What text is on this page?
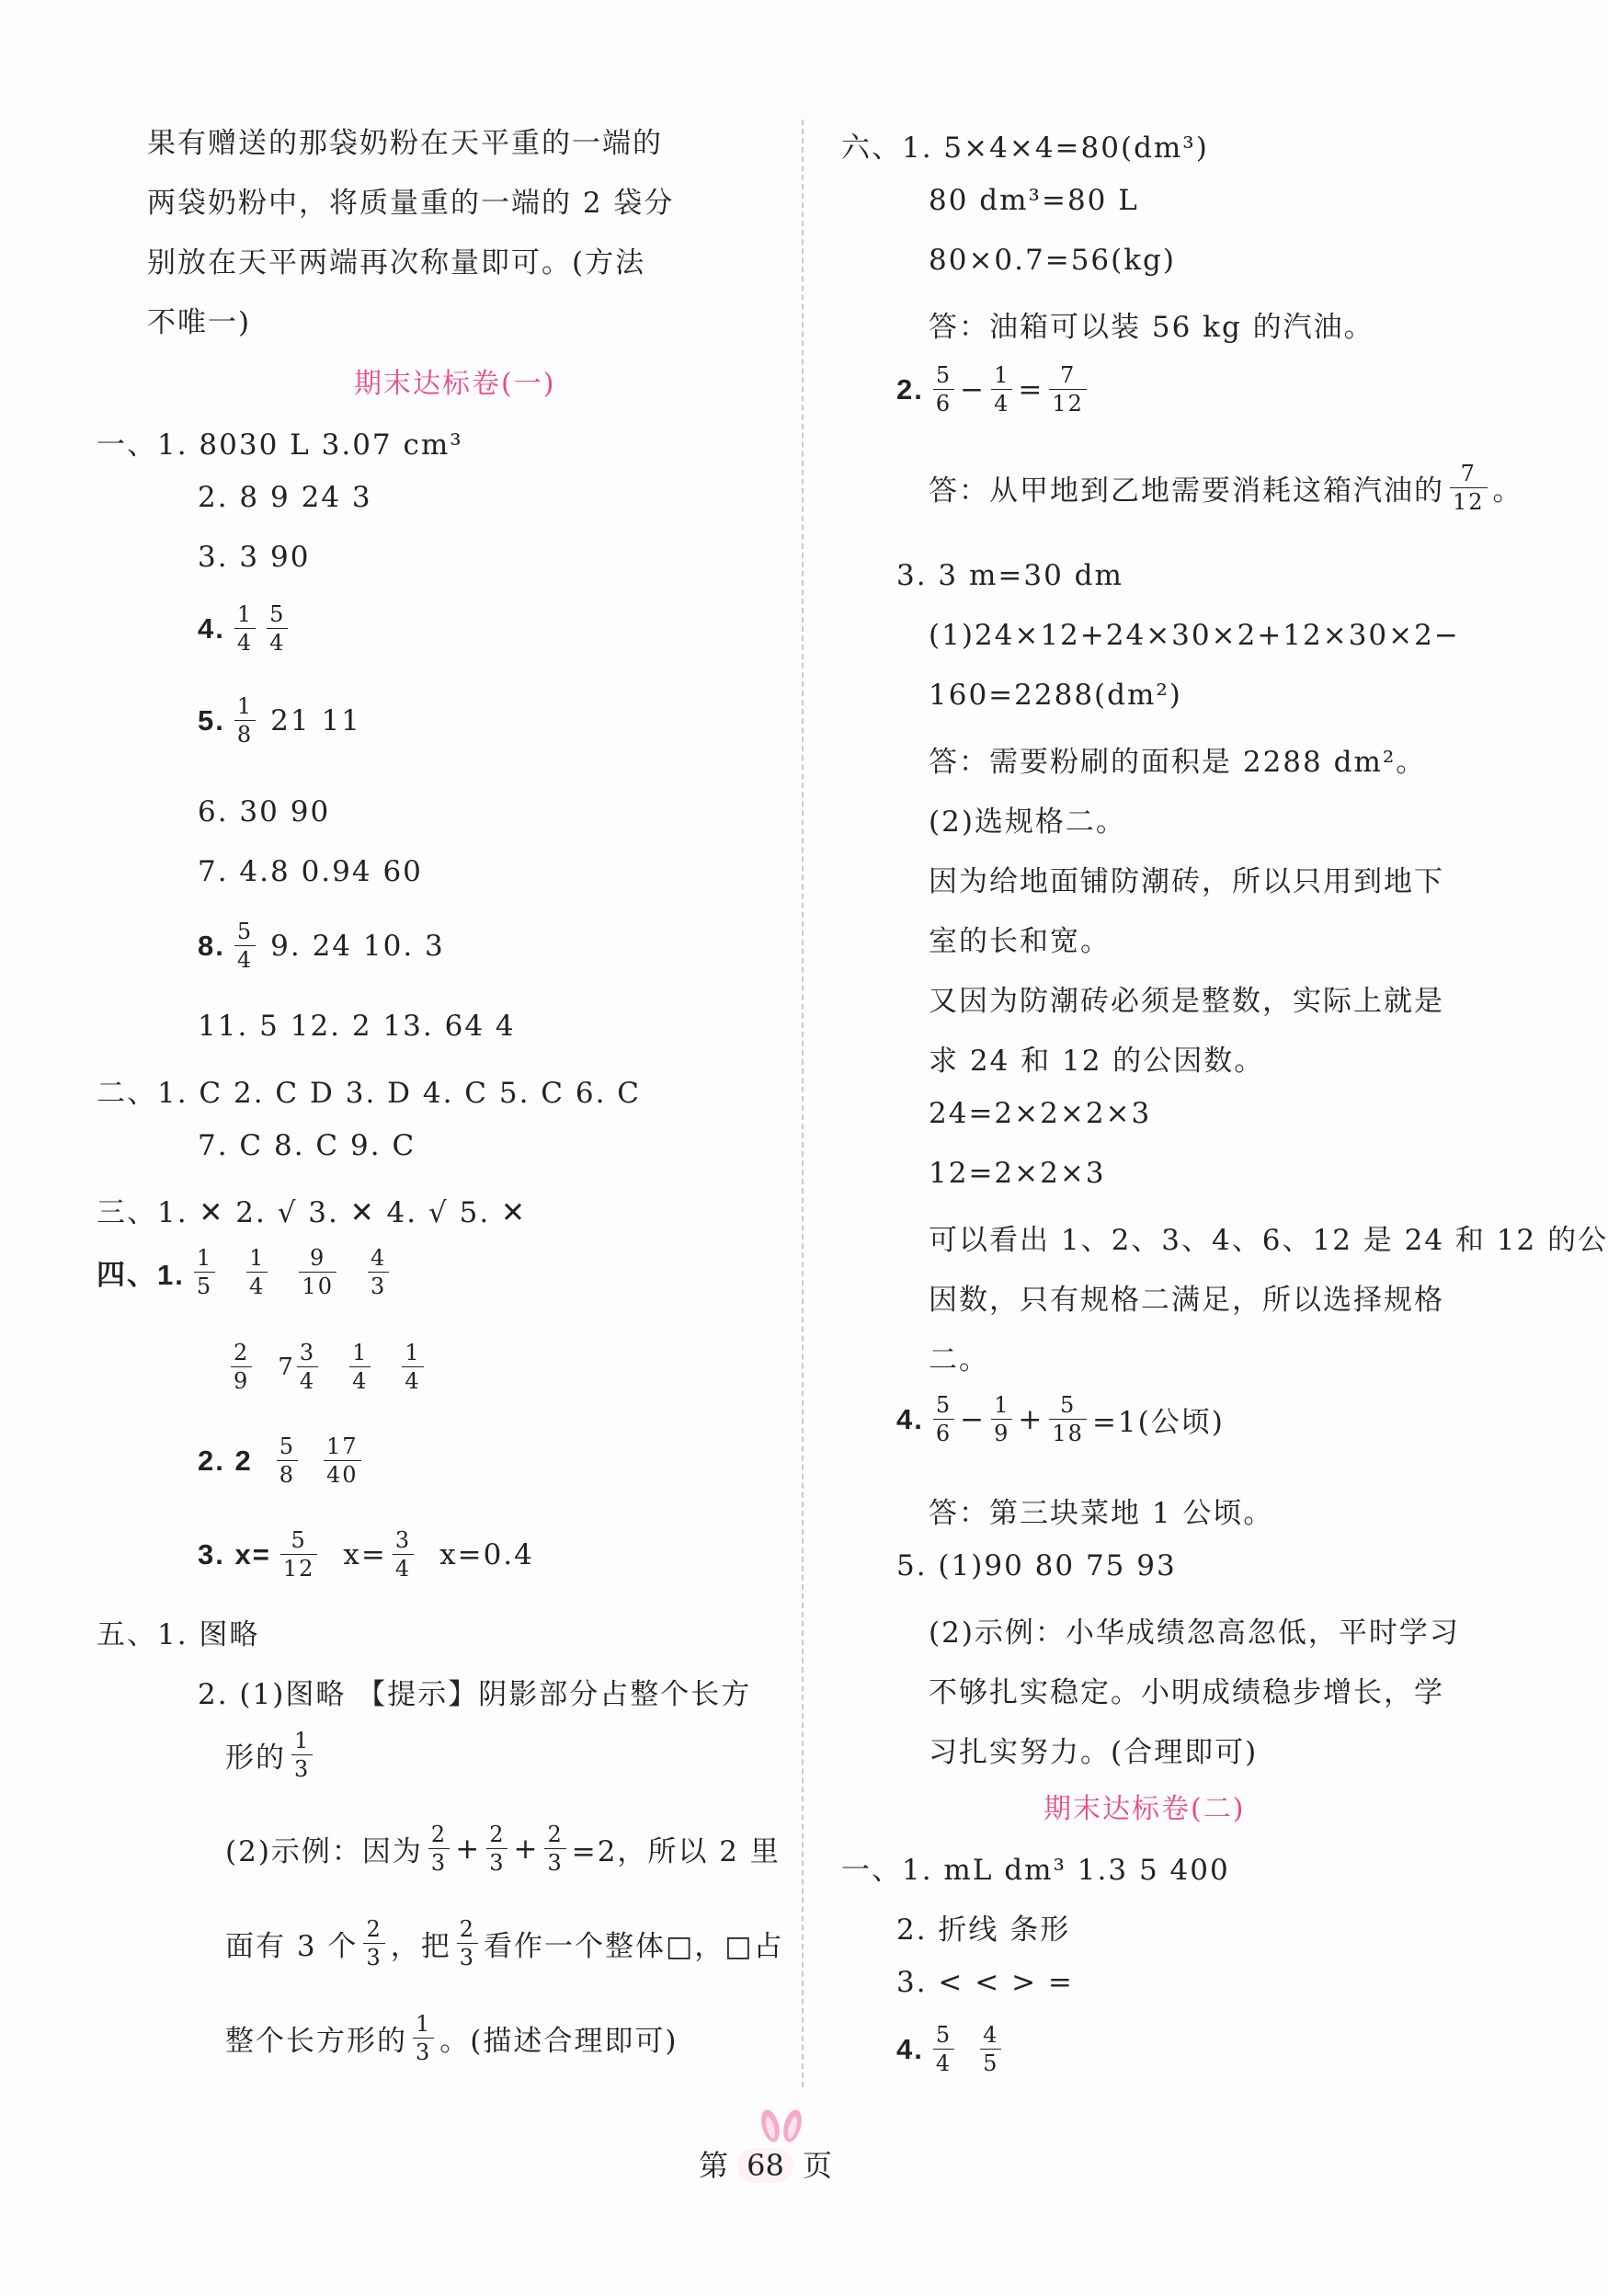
果有赠送的那袋奶粉在天平重的一端的
两袋奶粉中，将质量重的一端的 2 袋分
别放在天平两端再次称量即可。(方法
不唯一)
期末达标卷(一)
一、1. 8030 L 3.07 cm³
2. 8 9 24 3
3. 3 90
4. $\frac{1}{4} \frac{5}{4}$
5. $\frac{1}{8} 21$ 11
6. 30 90
7. 4.8 0.94 60
8. $\frac{5}{4} 9$. 24 10. 3
11. 5 12. 2 13. 64 4
二、1. C 2. C D 3. D 4. C 5. C 6. C
7. C 8. C 9. C
三、1. ✕ 2. √ 3. ✕ 4. √ 5. ✕
四、1. $\frac{1}{5} \frac{1}{4} \frac{9}{10} \frac{4}{3}$
$\frac{2}{9} 7 \frac{3}{4} \frac{1}{4} \frac{1}{4}$
2. $2 \frac{5}{8} \frac{17}{40}$
3. $x= \frac{5}{12} x= \frac{3}{4} x=0.4$
五、1. 图略
2. (1)图略 【提示】阴影部分占整个长方
形的 $\frac{1}{3}$
(2)示例：因为 $\frac{2}{3} + \frac{2}{3} + \frac{2}{3} =2$，所以 2 里
面有 3 个 $\frac{2}{3}$ ，把 $\frac{2}{3}$ 看作一个整体□，□占
整个长方形的 $\frac{1}{3}$ 。(描述合理即可)
六、1. 5×4×4=80(dm³)
80 dm³=80 L
80×0.7=56(kg)
答：油箱可以装 56 kg 的汽油。
2. $\frac{5}{6} - \frac{1}{4} = \frac{7}{12}$
答：从甲地到乙地需要消耗这箱汽油的 $\frac{7}{12}$ 。
3. 3 m=30 dm
(1)24×12+24×30×2+12×30×2−
160=2288(dm²)
答：需要粉刷的面积是 2288 dm²。
(2)选规格二。
因为给地面铺防潮砖，所以只用到地下
室的长和宽。
又因为防潮砖必须是整数，实际上就是
求 24 和 12 的公因数。
24=2×2×2×3
12=2×2×3
可以看出 1、2、3、4、6、12 是 24 和 12 的公
因数，只有规格二满足，所以选择规格
二。
4. $\frac{5}{6} - \frac{1}{9} + \frac{5}{18} =1$(公顷)
答：第三块菜地 1 公顷。
5. (1)90 80 75 93
(2)示例：小华成绩忽高忽低，平时学习
不够扎实稳定。小明成绩稳步增长，学
习扎实努力。(合理即可)
期末达标卷(二)
一、1. mL dm³ 1.3 5 400
2. 折线 条形
3. < < > =
4. $\frac{5}{4} \frac{4}{5}$
第 68 页
